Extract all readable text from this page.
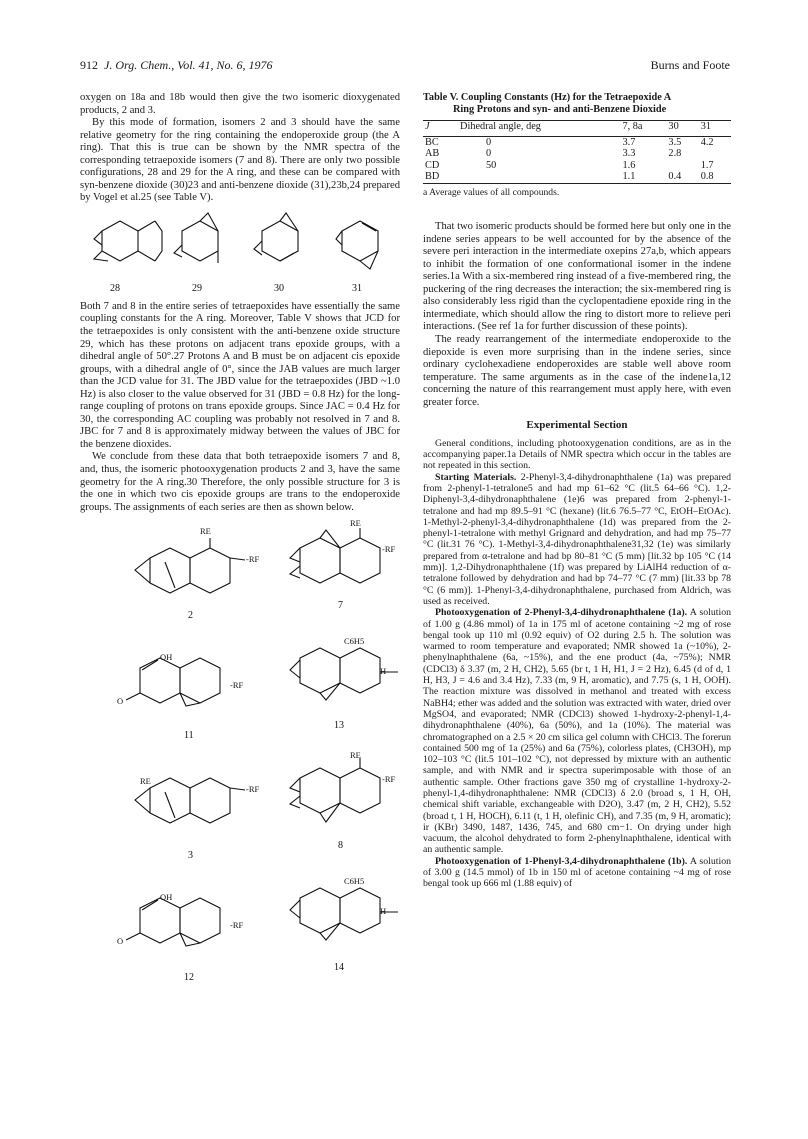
912 J. Org. Chem., Vol. 41, No. 6, 1976	Burns and Foote

oxygen on 18a and 18b would then give the two isomeric dioxygenated products, 2 and 3.

By this mode of formation, isomers 2 and 3 should have the same relative geometry for the ring containing the endoperoxide group (the A ring). That this is true can be shown by the NMR spectra of the corresponding tetraepoxide isomers (7 and 8). There are only two possible configurations, 28 and 29 for the A ring, and these can be compared with syn-benzene dioxide (30)23 and anti-benzene dioxide (31),23b,24 prepared by Vogel et al.25 (see Table V).

28	29	30	31

Both 7 and 8 in the entire series of tetraepoxides have essentially the same coupling constants for the A ring. Moreover, Table V shows that JCD for the tetraepoxides is only consistent with the anti-benzene oxide structure 29, which has these protons on adjacent trans epoxide groups, with a dihedral angle of 50°.27 Protons A and B must be on adjacent cis epoxide groups, with a dihedral angle of 0°, since the JAB values are much larger than the JCD value for 31. The JBD value for the tetraepoxides (JBD ~1.0 Hz) is also closer to the value observed for 31 (JBD = 0.8 Hz) for the long-range coupling of protons on trans epoxide groups. Since JAC = 0.4 Hz for 30, the corresponding AC coupling was probably not resolved in 7 and 8. JBC for 7 and 8 is approximately midway between the values of JBC for the benzene dioxides.

We conclude from these data that both tetraepoxide isomers 7 and 8, and, thus, the isomeric photooxygenation products 2 and 3, have the same geometry for the A ring.30 Therefore, the only possible structure for 3 is the one in which two cis epoxide groups are trans to the endoperoxide groups. The assignments of each series are then as shown below.

RE
-RF
RE
-RF
OH
-RF
C6H5
H
RE
-RF
RE
-RF
OH
-RF
C6H5
H
O
O
2
7
11
13
3
8
12
14
Table V. Coupling Constants (Hz) for the Tetraepoxide A
Ring Protons and syn- and anti-Benzene Dioxide
J	Dihedral angle, deg	7, 8a	30	31

BC	0	3.7	3.5	4.2
AB	0	3.3	2.8	
CD	50	1.6		1.7
BD		1.1	0.4	0.8
a Average values of all compounds.

That two isomeric products should be formed here but only one in the indene series appears to be well accounted for by the absence of the severe peri interaction in the intermediate oxepins 27a,b, which appears to inhibit the formation of one conformational isomer in the indene series.1a With a six-membered ring instead of a five-membered ring, the puckering of the ring decreases the interaction; the six-membered ring is also considerably less rigid than the cyclopentadiene epoxide ring in the intermediate, which should allow the ring to distort more to relieve peri interactions. (See ref 1a for further discussion of these points).

The ready rearrangement of the intermediate endoperoxide to the diepoxide is even more surprising than in the indene series, since ordinary cyclohexadiene endoperoxides are stable well above room temperature. The same arguments as in the case of the indene1a,12 concerning the nature of this rearrangement must apply here, with even greater force.

Experimental Section

General conditions, including photooxygenation conditions, are as in the accompanying paper.1a Details of NMR spectra which occur in the tables are not repeated in this section.

Starting Materials. 2-Phenyl-3,4-dihydronaphthalene (1a) was prepared from 2-phenyl-1-tetralone5 and had mp 61–62 °C (lit.5 64–66 °C). 1,2-Diphenyl-3,4-dihydronaphthalene (1e)6 was prepared from 2-phenyl-1-tetralone and had mp 89.5–91 °C (hexane) (lit.6 76.5–77 °C, EtOH–EtOAc). 1-Methyl-2-phenyl-3,4-dihydronaphthalene (1d) was prepared from the 2-phenyl-1-tetralone with methyl Grignard and dehydration, and had mp 75–77 °C (lit.31 76 °C). 1-Methyl-3,4-dihydronaphthalene31,32 (1e) was similarly prepared from α-tetralone and had bp 80–81 °C (5 mm) [lit.32 bp 105 °C (14 mm)]. 1,2-Dihydronaphthalene (1f) was prepared by LiAlH4 reduction of α-tetralone followed by dehydration and had bp 74–77 °C (7 mm) [lit.33 bp 78 °C (6 mm)]. 1-Phenyl-3,4-dihydronaphthalene, purchased from Aldrich, was used as received.

Photooxygenation of 2-Phenyl-3,4-dihydronaphthalene (1a). A solution of 1.00 g (4.86 mmol) of 1a in 175 ml of acetone containing ~2 mg of rose bengal took up 110 ml (0.92 equiv) of O2 during 2.5 h. The solution was warmed to room temperature and evaporated; NMR showed 1a (~10%), 2-phenylnaphthalene (6a, ~15%), and the ene product (4a, ~75%); NMR (CDCl3) δ 3.37 (m, 2 H, CH2), 5.65 (br t, 1 H, H1, J = 2 Hz), 6.45 (d of d, 1 H, H3, J = 4.6 and 3.4 Hz), 7.33 (m, 9 H, aromatic), and 7.75 (s, 1 H, OOH). The reaction mixture was dissolved in methanol and treated with excess NaBH4; ether was added and the solution was extracted with water, dried over MgSO4, and evaporated; NMR (CDCl3) showed 1-hydroxy-2-phenyl-1,4-dihydronaphthalene (40%), 6a (50%), and 1a (10%). The material was chromatographed on a 2.5 × 20 cm silica gel column with CHCl3. The forerun contained 500 mg of 1a (25%) and 6a (75%), colorless plates, (CH3OH), mp 102–103 °C (lit.5 101–102 °C), not depressed by mixture with an authentic sample, and with NMR and ir spectra superimposable with those of an authentic sample. Other fractions gave 350 mg of crystalline 1-hydroxy-2-phenyl-1,4-dihydronaphthalene: NMR (CDCl3) δ 2.0 (broad s, 1 H, OH, chemical shift variable, exchangeable with D2O), 3.47 (m, 2 H, CH2), 5.52 (broad t, 1 H, HOCH), 6.11 (t, 1 H, olefinic CH), and 7.35 (m, 9 H, aromatic); ir (KBr) 3490, 1487, 1436, 745, and 680 cm−1. On drying under high vacuum, the alcohol dehydrated to form 2-phenylnaphthalene, identical with an authentic sample.

Photooxygenation of 1-Phenyl-3,4-dihydronaphthalene (1b). A solution of 3.00 g (14.5 mmol) of 1b in 150 ml of acetone containing ~4 mg of rose bengal took up 666 ml (1.88 equiv) of
